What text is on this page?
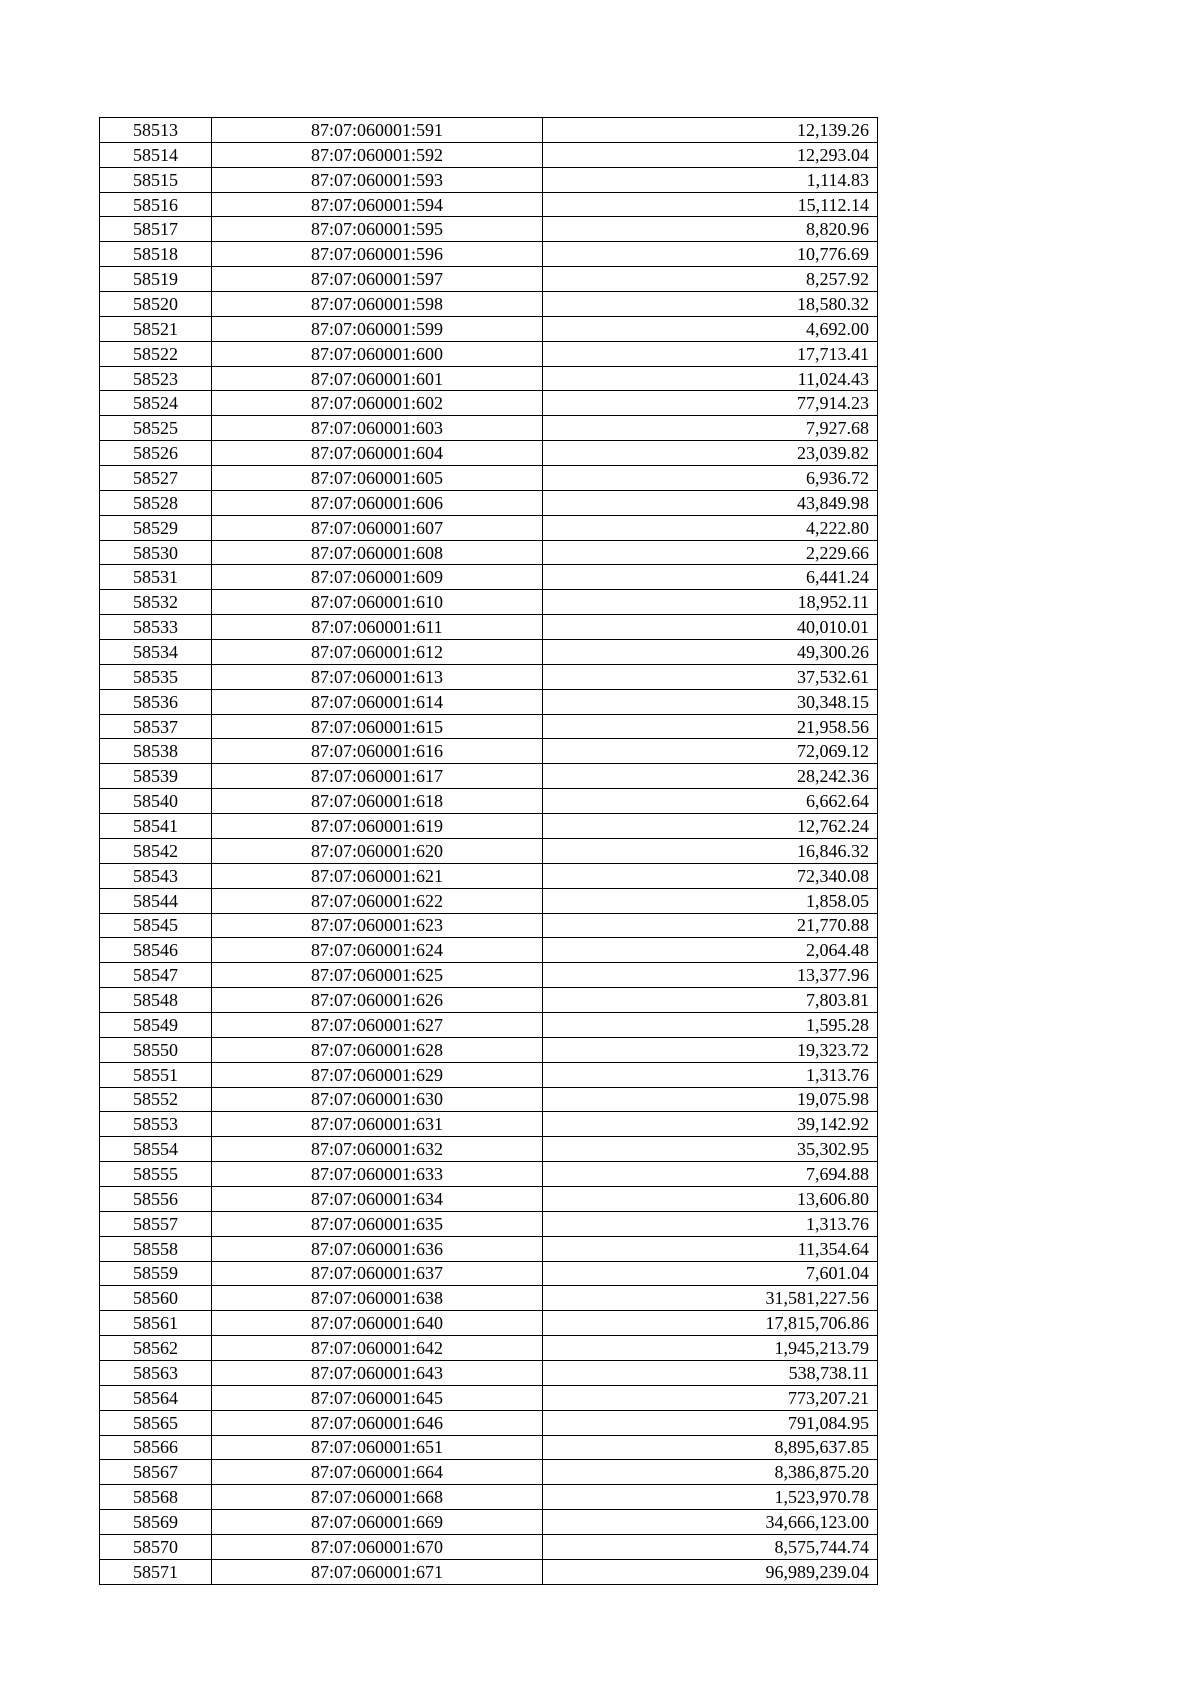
58513	87:07:060001:591	12,139.26
58514	87:07:060001:592	12,293.04
58515	87:07:060001:593	1,114.83
58516	87:07:060001:594	15,112.14
58517	87:07:060001:595	8,820.96
58518	87:07:060001:596	10,776.69
58519	87:07:060001:597	8,257.92
58520	87:07:060001:598	18,580.32
58521	87:07:060001:599	4,692.00
58522	87:07:060001:600	17,713.41
58523	87:07:060001:601	11,024.43
58524	87:07:060001:602	77,914.23
58525	87:07:060001:603	7,927.68
58526	87:07:060001:604	23,039.82
58527	87:07:060001:605	6,936.72
58528	87:07:060001:606	43,849.98
58529	87:07:060001:607	4,222.80
58530	87:07:060001:608	2,229.66
58531	87:07:060001:609	6,441.24
58532	87:07:060001:610	18,952.11
58533	87:07:060001:611	40,010.01
58534	87:07:060001:612	49,300.26
58535	87:07:060001:613	37,532.61
58536	87:07:060001:614	30,348.15
58537	87:07:060001:615	21,958.56
58538	87:07:060001:616	72,069.12
58539	87:07:060001:617	28,242.36
58540	87:07:060001:618	6,662.64
58541	87:07:060001:619	12,762.24
58542	87:07:060001:620	16,846.32
58543	87:07:060001:621	72,340.08
58544	87:07:060001:622	1,858.05
58545	87:07:060001:623	21,770.88
58546	87:07:060001:624	2,064.48
58547	87:07:060001:625	13,377.96
58548	87:07:060001:626	7,803.81
58549	87:07:060001:627	1,595.28
58550	87:07:060001:628	19,323.72
58551	87:07:060001:629	1,313.76
58552	87:07:060001:630	19,075.98
58553	87:07:060001:631	39,142.92
58554	87:07:060001:632	35,302.95
58555	87:07:060001:633	7,694.88
58556	87:07:060001:634	13,606.80
58557	87:07:060001:635	1,313.76
58558	87:07:060001:636	11,354.64
58559	87:07:060001:637	7,601.04
58560	87:07:060001:638	31,581,227.56
58561	87:07:060001:640	17,815,706.86
58562	87:07:060001:642	1,945,213.79
58563	87:07:060001:643	538,738.11
58564	87:07:060001:645	773,207.21
58565	87:07:060001:646	791,084.95
58566	87:07:060001:651	8,895,637.85
58567	87:07:060001:664	8,386,875.20
58568	87:07:060001:668	1,523,970.78
58569	87:07:060001:669	34,666,123.00
58570	87:07:060001:670	8,575,744.74
58571	87:07:060001:671	96,989,239.04
